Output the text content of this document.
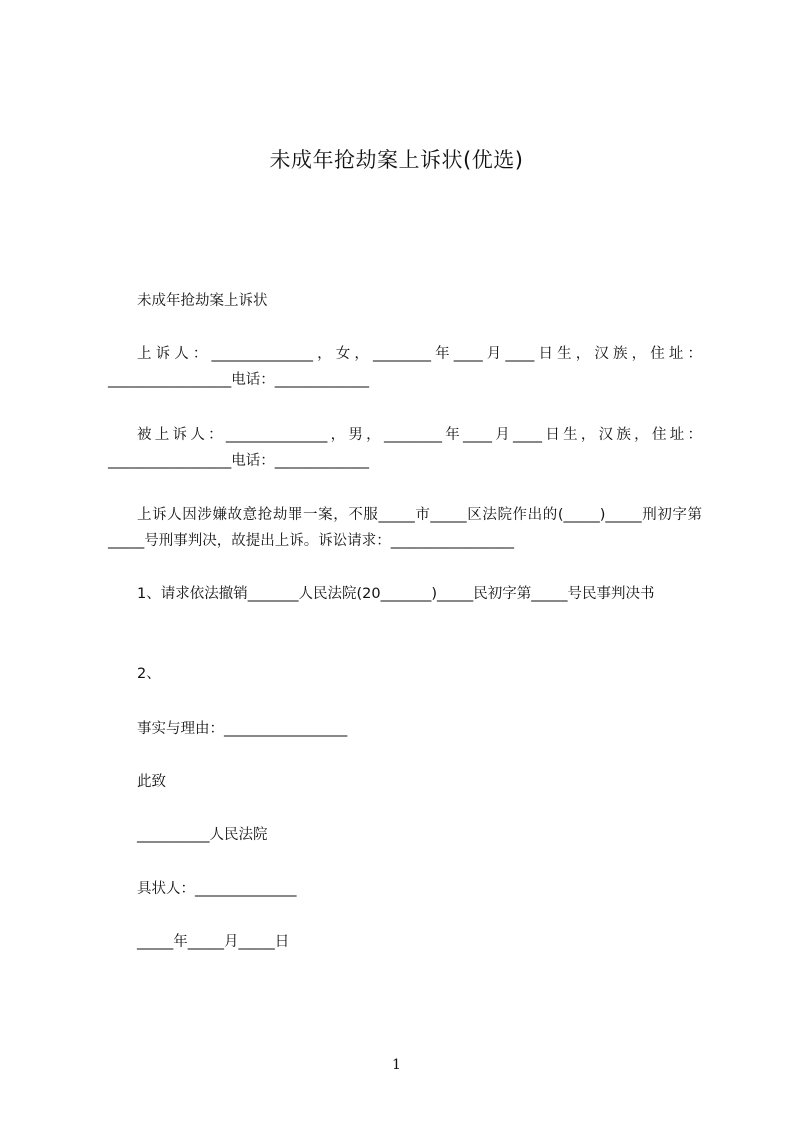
未成年抢劫案上诉状(优选)
未成年抢劫案上诉状
上诉人：______________，女，________年____月____日生，汉族，住址：_________________电话：_____________
被上诉人：______________，男，________年____月____日生，汉族，住址：_________________电话：_____________
上诉人因涉嫌故意抢劫罪一案，不服_____市_____区法院作出的(_____)_____刑初字第_____号刑事判决，故提出上诉。诉讼请求：_________________
1、请求依法撤销_______人民法院(20_______)_____民初字第_____号民事判决书
2、
事实与理由：_________________
此致
__________人民法院
具状人：______________
_____年_____月_____日
1
